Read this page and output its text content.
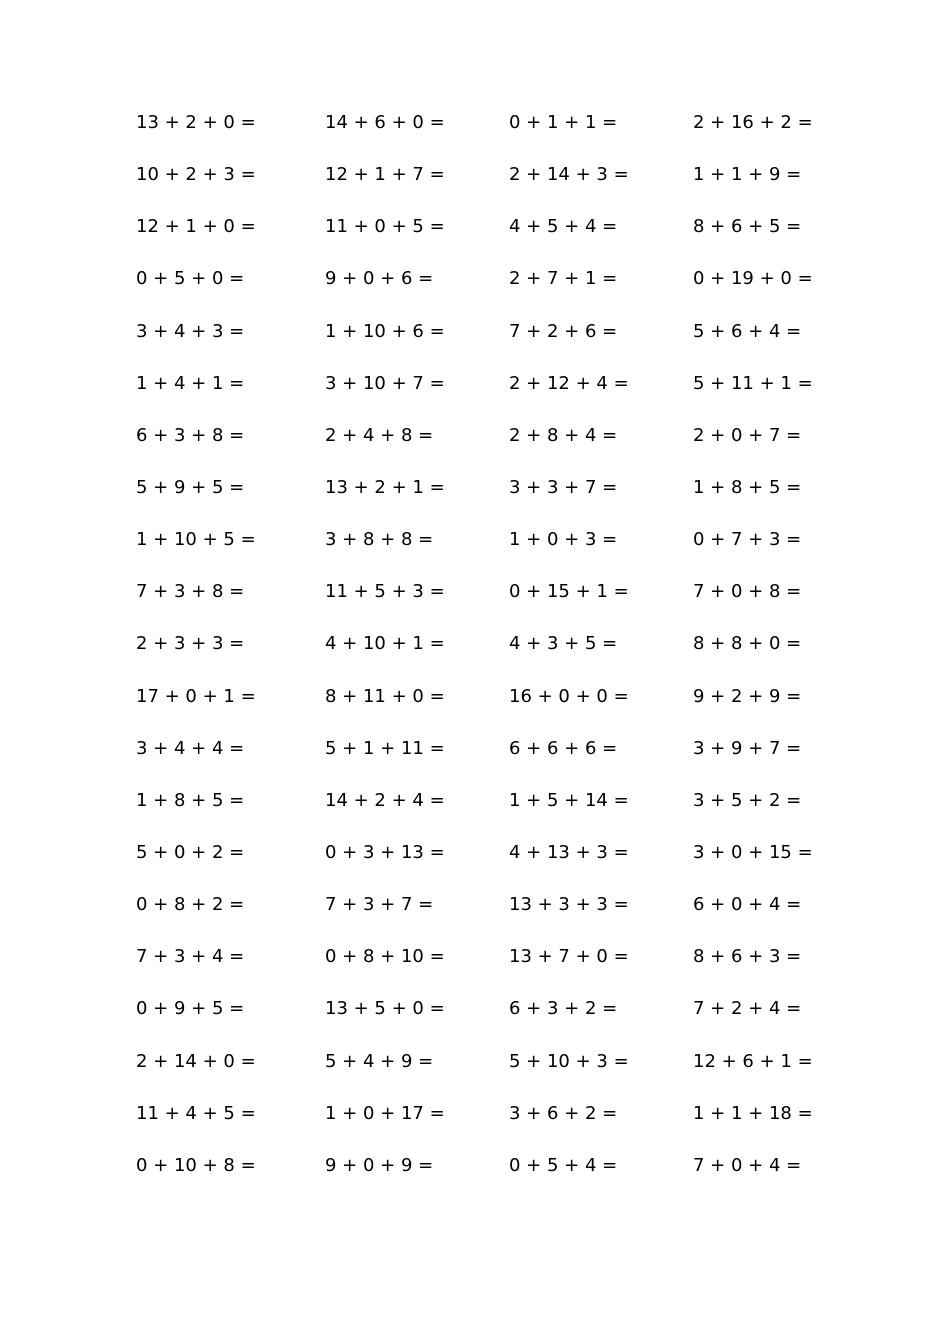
13 + 2 + 0 =
10 + 2 + 3 =
12 + 1 + 0 =
0 + 5 + 0 =
3 + 4 + 3 =
1 + 4 + 1 =
6 + 3 + 8 =
5 + 9 + 5 =
1 + 10 + 5 =
7 + 3 + 8 =
2 + 3 + 3 =
17 + 0 + 1 =
3 + 4 + 4 =
1 + 8 + 5 =
5 + 0 + 2 =
0 + 8 + 2 =
7 + 3 + 4 =
0 + 9 + 5 =
2 + 14 + 0 =
11 + 4 + 5 =
0 + 10 + 8 =
14 + 6 + 0 =
12 + 1 + 7 =
11 + 0 + 5 =
9 + 0 + 6 =
1 + 10 + 6 =
3 + 10 + 7 =
2 + 4 + 8 =
13 + 2 + 1 =
3 + 8 + 8 =
11 + 5 + 3 =
4 + 10 + 1 =
8 + 11 + 0 =
5 + 1 + 11 =
14 + 2 + 4 =
0 + 3 + 13 =
7 + 3 + 7 =
0 + 8 + 10 =
13 + 5 + 0 =
5 + 4 + 9 =
1 + 0 + 17 =
9 + 0 + 9 =
0 + 1 + 1 =
2 + 14 + 3 =
4 + 5 + 4 =
2 + 7 + 1 =
7 + 2 + 6 =
2 + 12 + 4 =
2 + 8 + 4 =
3 + 3 + 7 =
1 + 0 + 3 =
0 + 15 + 1 =
4 + 3 + 5 =
16 + 0 + 0 =
6 + 6 + 6 =
1 + 5 + 14 =
4 + 13 + 3 =
13 + 3 + 3 =
13 + 7 + 0 =
6 + 3 + 2 =
5 + 10 + 3 =
3 + 6 + 2 =
0 + 5 + 4 =
2 + 16 + 2 =
1 + 1 + 9 =
8 + 6 + 5 =
0 + 19 + 0 =
5 + 6 + 4 =
5 + 11 + 1 =
2 + 0 + 7 =
1 + 8 + 5 =
0 + 7 + 3 =
7 + 0 + 8 =
8 + 8 + 0 =
9 + 2 + 9 =
3 + 9 + 7 =
3 + 5 + 2 =
3 + 0 + 15 =
6 + 0 + 4 =
8 + 6 + 3 =
7 + 2 + 4 =
12 + 6 + 1 =
1 + 1 + 18 =
7 + 0 + 4 =
